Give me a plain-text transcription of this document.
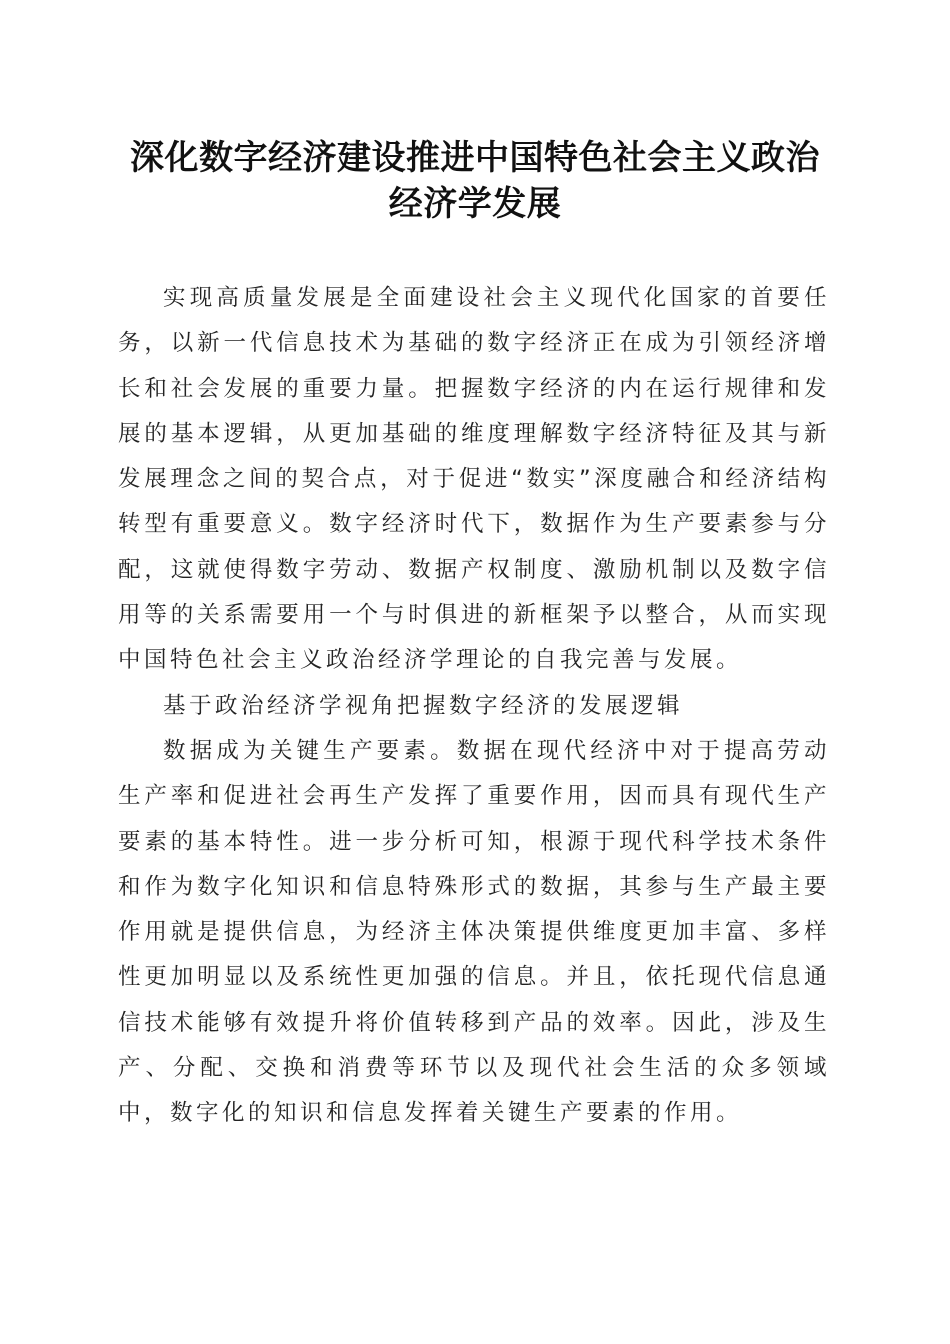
深化数字经济建设推进中国特色社会主义政治
经济学发展

实现高质量发展是全面建设社会主义现代化国家的首要任务，以新一代信息技术为基础的数字经济正在成为引领经济增长和社会发展的重要力量。把握数字经济的内在运行规律和发展的基本逻辑，从更加基础的维度理解数字经济特征及其与新发展理念之间的契合点，对于促进“数实”深度融合和经济结构转型有重要意义。数字经济时代下，数据作为生产要素参与分配，这就使得数字劳动、数据产权制度、激励机制以及数字信用等的关系需要用一个与时俱进的新框架予以整合，从而实现中国特色社会主义政治经济学理论的自我完善与发展。

基于政治经济学视角把握数字经济的发展逻辑

数据成为关键生产要素。数据在现代经济中对于提高劳动生产率和促进社会再生产发挥了重要作用，因而具有现代生产要素的基本特性。进一步分析可知，根源于现代科学技术条件和作为数字化知识和信息特殊形式的数据，其参与生产最主要作用就是提供信息，为经济主体决策提供维度更加丰富、多样性更加明显以及系统性更加强的信息。并且，依托现代信息通信技术能够有效提升将价值转移到产品的效率。因此，涉及生产、分配、交换和消费等环节以及现代社会生活的众多领域中，数字化的知识和信息发挥着关键生产要素的作用。
